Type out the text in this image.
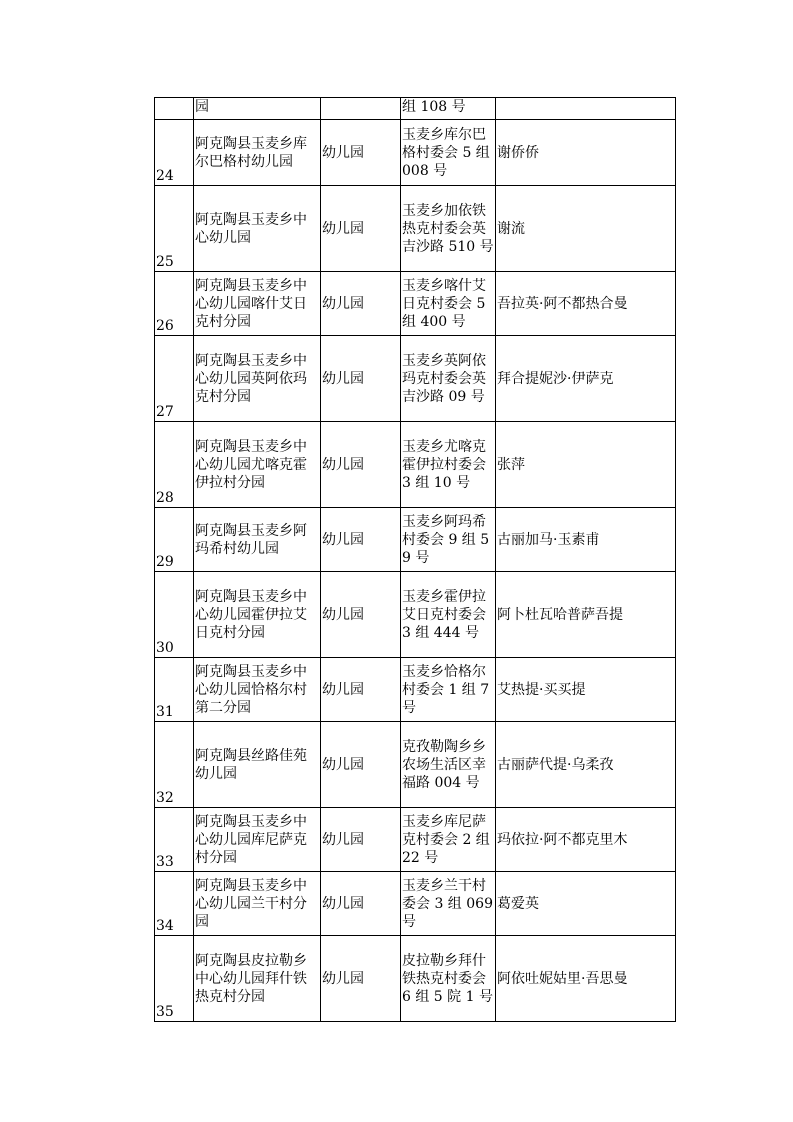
	园		组 108 号	
24	阿克陶县玉麦乡库尔巴格村幼儿园	幼儿园	玉麦乡库尔巴格村委会 5 组 008 号	谢侨侨
25	阿克陶县玉麦乡中心幼儿园	幼儿园	玉麦乡加依铁热克村委会英吉沙路 510 号	谢流
26	阿克陶县玉麦乡中心幼儿园喀什艾日克村分园	幼儿园	玉麦乡喀什艾日克村委会 5 组 400 号	吾拉英·阿不都热合曼
27	阿克陶县玉麦乡中心幼儿园英阿依玛克村分园	幼儿园	玉麦乡英阿依玛克村委会英吉沙路 09 号	拜合提妮沙·伊萨克
28	阿克陶县玉麦乡中心幼儿园尤喀克霍伊拉村分园	幼儿园	玉麦乡尤喀克霍伊拉村委会 3 组 10 号	张萍
29	阿克陶县玉麦乡阿玛希村幼儿园	幼儿园	玉麦乡阿玛希村委会 9 组 59 号	古丽加马·玉素甫
30	阿克陶县玉麦乡中心幼儿园霍伊拉艾日克村分园	幼儿园	玉麦乡霍伊拉艾日克村委会 3 组 444 号	阿卜杜瓦哈普萨吾提
31	阿克陶县玉麦乡中心幼儿园恰格尔村第二分园	幼儿园	玉麦乡恰格尔村委会 1 组 7 号	艾热提·买买提
32	阿克陶县丝路佳苑幼儿园	幼儿园	克孜勒陶乡乡农场生活区幸福路 004 号	古丽萨代提·乌柔孜
33	阿克陶县玉麦乡中心幼儿园库尼萨克村分园	幼儿园	玉麦乡库尼萨克村委会 2 组 22 号	玛依拉·阿不都克里木
34	阿克陶县玉麦乡中心幼儿园兰干村分园	幼儿园	玉麦乡兰干村委会 3 组 069 号	葛爱英
35	阿克陶县皮拉勒乡中心幼儿园拜什铁热克村分园	幼儿园	皮拉勒乡拜什铁热克村委会 6 组 5 院 1 号	阿依吐妮姑里·吾思曼
